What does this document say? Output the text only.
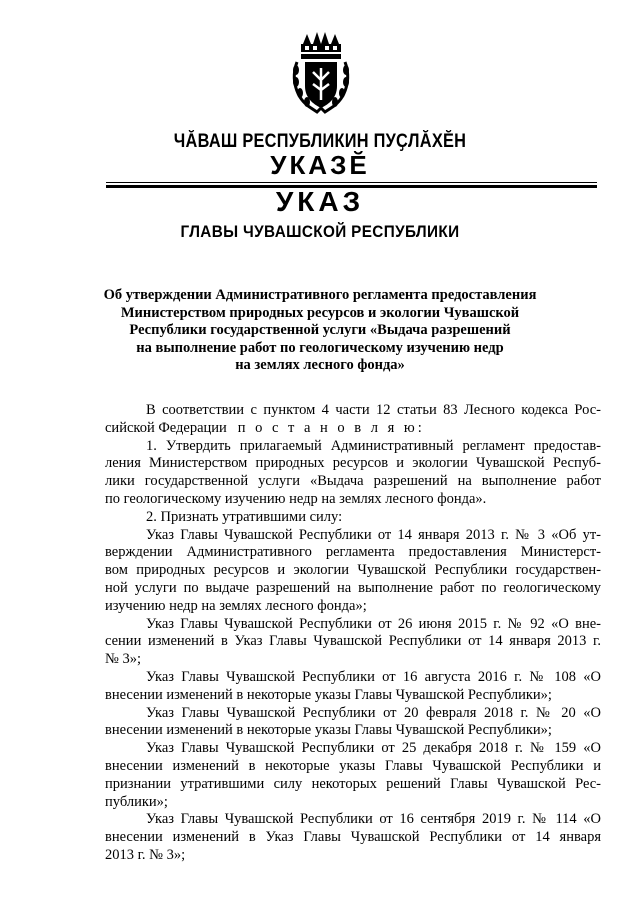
ЧĂВАШ РЕСПУБЛИКИН ПУҪЛĂХĔН
УКАЗĔ
УКАЗ
ГЛАВЫ ЧУВАШСКОЙ РЕСПУБЛИКИ
Об утверждении Административного регламента предоставления
Министерством природных ресурсов и экологии Чувашской
Республики государственной услуги «Выдача разрешений
на выполнение работ по геологическому изучению недр
на землях лесного фонда»
В соответствии с пунктом 4 части 12 статьи 83 Лесного кодекса Рос-
сийской Федерации п о с т а н о в л я ю:
1. Утвердить прилагаемый Административный регламент предостав-
ления Министерством природных ресурсов и экологии Чувашской Респуб-
лики государственной услуги «Выдача разрешений на выполнение работ
по геологическому изучению недр на землях лесного фонда».
2. Признать утратившими силу:
Указ Главы Чувашской Республики от 14 января 2013 г. № 3 «Об ут-
верждении Административного регламента предоставления Министерст-
вом природных ресурсов и экологии Чувашской Республики государствен-
ной услуги по выдаче разрешений на выполнение работ по геологическому
изучению недр на землях лесного фонда»;
Указ Главы Чувашской Республики от 26 июня 2015 г. № 92 «О вне-
сении изменений в Указ Главы Чувашской Республики от 14 января 2013 г.
№ 3»;
Указ Главы Чувашской Республики от 16 августа 2016 г. № 108 «О
внесении изменений в некоторые указы Главы Чувашской Республики»;
Указ Главы Чувашской Республики от 20 февраля 2018 г. № 20 «О
внесении изменений в некоторые указы Главы Чувашской Республики»;
Указ Главы Чувашской Республики от 25 декабря 2018 г. № 159 «О
внесении изменений в некоторые указы Главы Чувашской Республики и
признании утратившими силу некоторых решений Главы Чувашской Рес-
публики»;
Указ Главы Чувашской Республики от 16 сентября 2019 г. № 114 «О
внесении изменений в Указ Главы Чувашской Республики от 14 января
2013 г. № 3»;
